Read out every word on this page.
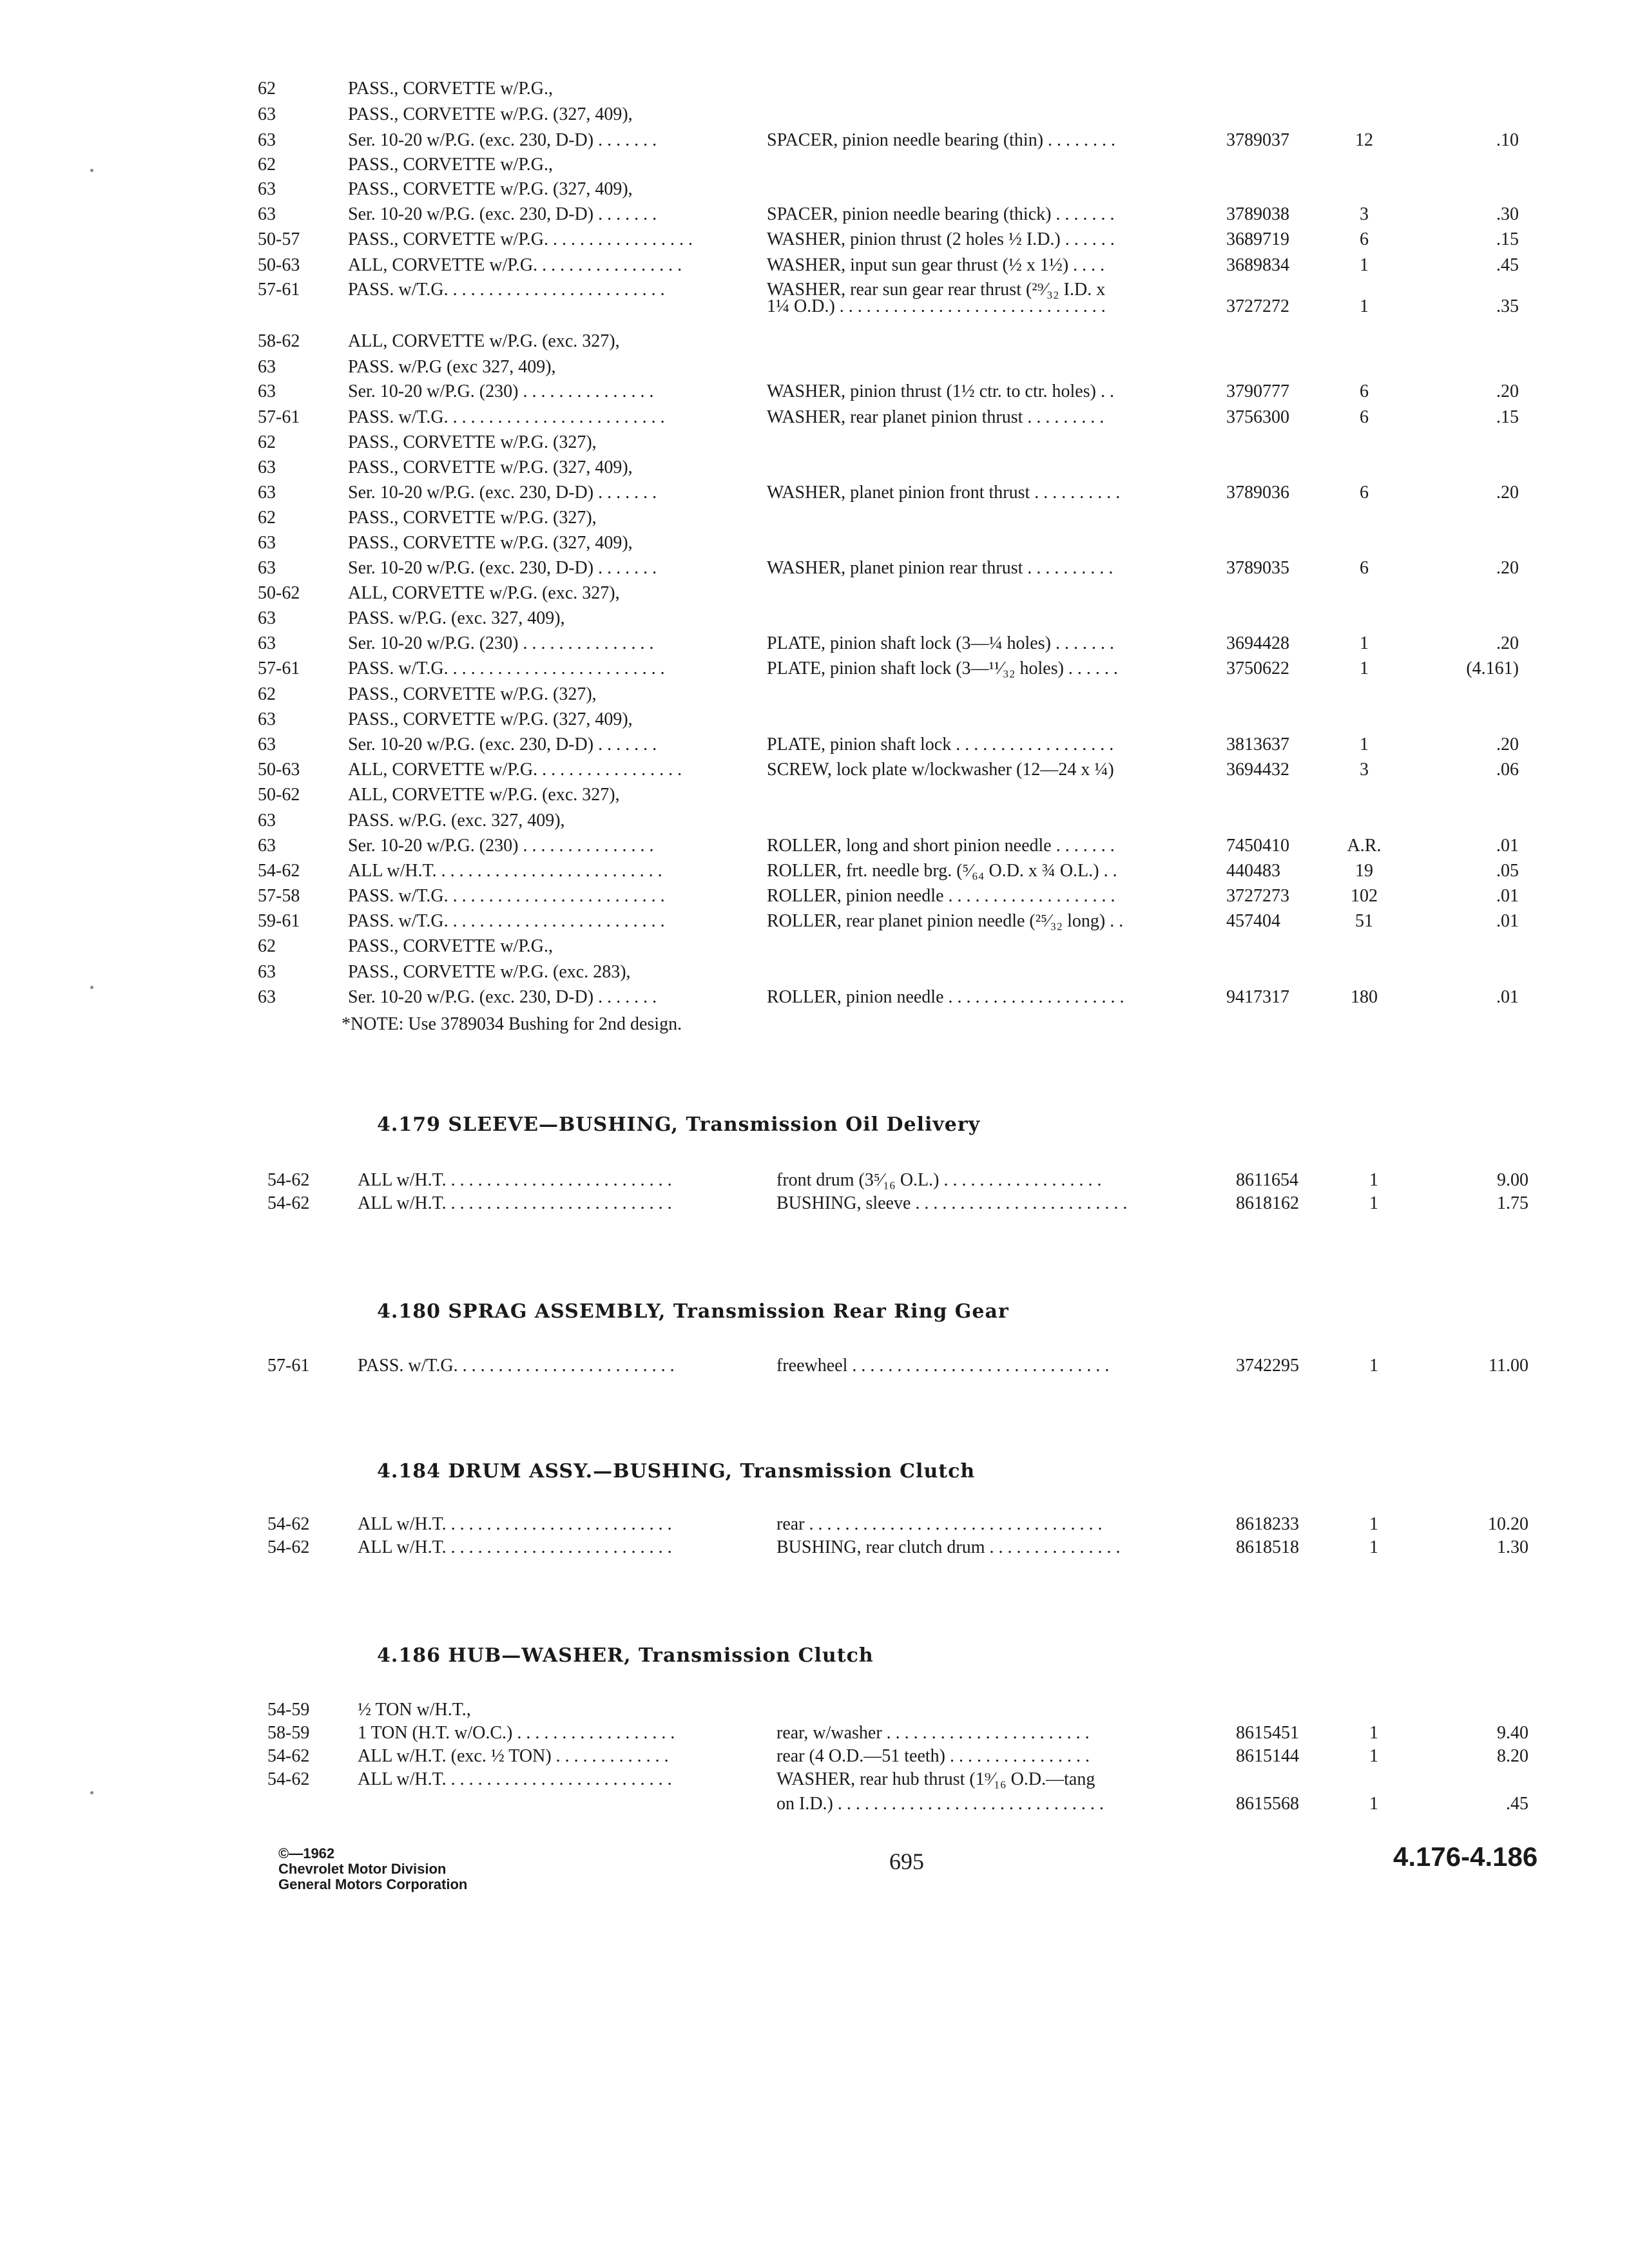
62	PASS., CORVETTE w/P.G.,
63	PASS., CORVETTE w/P.G. (327, 409),
63	Ser. 10-20 w/P.G. (exc. 230, D-D) . . . . . . .	SPACER, pinion needle bearing (thin) . . . . . . . .	3789037	12	.10
62	PASS., CORVETTE w/P.G.,
63	PASS., CORVETTE w/P.G. (327, 409),
63	Ser. 10-20 w/P.G. (exc. 230, D-D) . . . . . . .	SPACER, pinion needle bearing (thick) . . . . . . .	3789038	3	.30
50-57	PASS., CORVETTE w/P.G. . . . . . . . . . . . . . . . .	WASHER, pinion thrust (2 holes ½ I.D.) . . . . . .	3689719	6	.15
50-63	ALL, CORVETTE w/P.G. . . . . . . . . . . . . . . . .	WASHER, input sun gear thrust (½ x 1½) . . . .	3689834	1	.45
57-61	PASS. w/T.G. . . . . . . . . . . . . . . . . . . . . . . . .	WASHER, rear sun gear rear thrust (²⁹⁄₃₂ I.D. x
1¼ O.D.) . . . . . . . . . . . . . . . . . . . . . . . . . . . . . .	3727272	1	.35
58-62	ALL, CORVETTE w/P.G. (exc. 327),
63	PASS. w/P.G (exc 327, 409),
63	Ser. 10-20 w/P.G. (230) . . . . . . . . . . . . . . .	WASHER, pinion thrust (1½ ctr. to ctr. holes) . .	3790777	6	.20
57-61	PASS. w/T.G. . . . . . . . . . . . . . . . . . . . . . . . .	WASHER, rear planet pinion thrust . . . . . . . . .	3756300	6	.15
62	PASS., CORVETTE w/P.G. (327),
63	PASS., CORVETTE w/P.G. (327, 409),
63	Ser. 10-20 w/P.G. (exc. 230, D-D) . . . . . . .	WASHER, planet pinion front thrust . . . . . . . . . .	3789036	6	.20
62	PASS., CORVETTE w/P.G. (327),
63	PASS., CORVETTE w/P.G. (327, 409),
63	Ser. 10-20 w/P.G. (exc. 230, D-D) . . . . . . .	WASHER, planet pinion rear thrust . . . . . . . . . .	3789035	6	.20
50-62	ALL, CORVETTE w/P.G. (exc. 327),
63	PASS. w/P.G. (exc. 327, 409),
63	Ser. 10-20 w/P.G. (230) . . . . . . . . . . . . . . .	PLATE, pinion shaft lock (3—¼ holes) . . . . . . .	3694428	1	.20
57-61	PASS. w/T.G. . . . . . . . . . . . . . . . . . . . . . . . .	PLATE, pinion shaft lock (3—¹¹⁄₃₂ holes) . . . . . .	3750622	1	(4.161)
62	PASS., CORVETTE w/P.G. (327),
63	PASS., CORVETTE w/P.G. (327, 409),
63	Ser. 10-20 w/P.G. (exc. 230, D-D) . . . . . . .	PLATE, pinion shaft lock . . . . . . . . . . . . . . . . . .	3813637	1	.20
50-63	ALL, CORVETTE w/P.G. . . . . . . . . . . . . . . . .	SCREW, lock plate w/lockwasher (12—24 x ¼)	3694432	3	.06
50-62	ALL, CORVETTE w/P.G. (exc. 327),
63	PASS. w/P.G. (exc. 327, 409),
63	Ser. 10-20 w/P.G. (230) . . . . . . . . . . . . . . .	ROLLER, long and short pinion needle . . . . . . .	7450410	A.R.	.01
54-62	ALL w/H.T. . . . . . . . . . . . . . . . . . . . . . . . . .	ROLLER, frt. needle brg. (⁵⁄₆₄ O.D. x ¾ O.L.) . .	440483	19	.05
57-58	PASS. w/T.G. . . . . . . . . . . . . . . . . . . . . . . . .	ROLLER, pinion needle . . . . . . . . . . . . . . . . . . .	3727273	102	.01
59-61	PASS. w/T.G. . . . . . . . . . . . . . . . . . . . . . . . .	ROLLER, rear planet pinion needle (²⁵⁄₃₂ long) . .	457404	51	.01
62	PASS., CORVETTE w/P.G.,
63	PASS., CORVETTE w/P.G. (exc. 283),
63	Ser. 10-20 w/P.G. (exc. 230, D-D) . . . . . . .	ROLLER, pinion needle . . . . . . . . . . . . . . . . . . . .	9417317	180	.01
*NOTE: Use 3789034 Bushing for 2nd design.
4.179 SLEEVE—BUSHING, Transmission Oil Delivery
54-62	ALL w/H.T. . . . . . . . . . . . . . . . . . . . . . . . . .	front drum (3⁵⁄₁₆ O.L.) . . . . . . . . . . . . . . . . . .	8611654	1	9.00
54-62	ALL w/H.T. . . . . . . . . . . . . . . . . . . . . . . . . .	BUSHING, sleeve . . . . . . . . . . . . . . . . . . . . . . . .	8618162	1	1.75
4.180 SPRAG ASSEMBLY, Transmission Rear Ring Gear
57-61	PASS. w/T.G. . . . . . . . . . . . . . . . . . . . . . . . .	freewheel . . . . . . . . . . . . . . . . . . . . . . . . . . . . .	3742295	1	11.00
4.184 DRUM ASSY.—BUSHING, Transmission Clutch
54-62	ALL w/H.T. . . . . . . . . . . . . . . . . . . . . . . . . .	rear . . . . . . . . . . . . . . . . . . . . . . . . . . . . . . . . .	8618233	1	10.20
54-62	ALL w/H.T. . . . . . . . . . . . . . . . . . . . . . . . . .	BUSHING, rear clutch drum . . . . . . . . . . . . . . .	8618518	1	1.30
4.186 HUB—WASHER, Transmission Clutch
54-59	½ TON w/H.T.,
58-59	1 TON (H.T. w/O.C.) . . . . . . . . . . . . . . . . . .	rear, w/washer . . . . . . . . . . . . . . . . . . . . . . .	8615451	1	9.40
54-62	ALL w/H.T. (exc. ½ TON) . . . . . . . . . . . . .	rear (4 O.D.—51 teeth) . . . . . . . . . . . . . . . .	8615144	1	8.20
54-62	ALL w/H.T. . . . . . . . . . . . . . . . . . . . . . . . . .	WASHER, rear hub thrust (1⁹⁄₁₆ O.D.—tang
on I.D.) . . . . . . . . . . . . . . . . . . . . . . . . . . . . . .	8615568	1	.45
©—1962
Chevrolet Motor Division
General Motors Corporation
695	4.176-4.186
